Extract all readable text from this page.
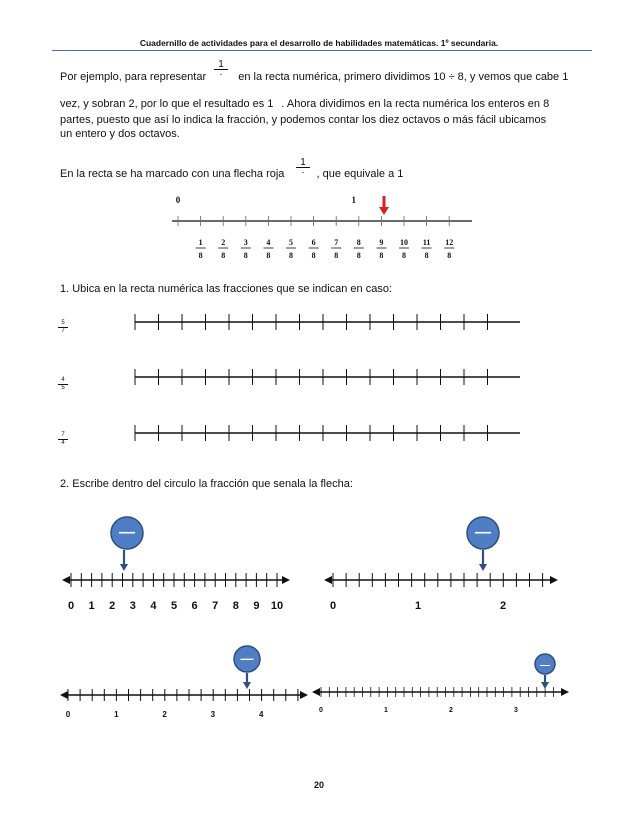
Cuadernillo de actividades para el desarrollo de habilidades matemáticas. 1º secundaria.
Por ejemplo, para representar	en la recta numérica, primero dividimos 10 ÷ 8, y vemos que cabe 1
1
·
vez, y sobran 2, por lo que el resultado es 1 . Ahora dividimos en la recta numérica los enteros en 8
partes, puesto que así lo indica la fracción, y podemos contar los diez octavos o más fácil ubicamos
un entero y dos octavos.
En la recta se ha marcado con una flecha roja	, que equivale a 1
1
·
1. Ubica en la recta numérica las fracciones que se indican en caso:
2. Escribe dentro del circulo la fracción que senala la flecha:
$\frac{5}{7}$
$\frac{4}{5}$
$\frac{7}{4}$
0	1
1
8
2
8
3
8
4
8
5
8
6
8
7
8
8
8
9
8
10
8
11
8
12
8
0 1 2 3 4 5 6 7 8 9 10
—
0	1	2
—
0	1	2	3	4
—
0	1	2	3
—
20
